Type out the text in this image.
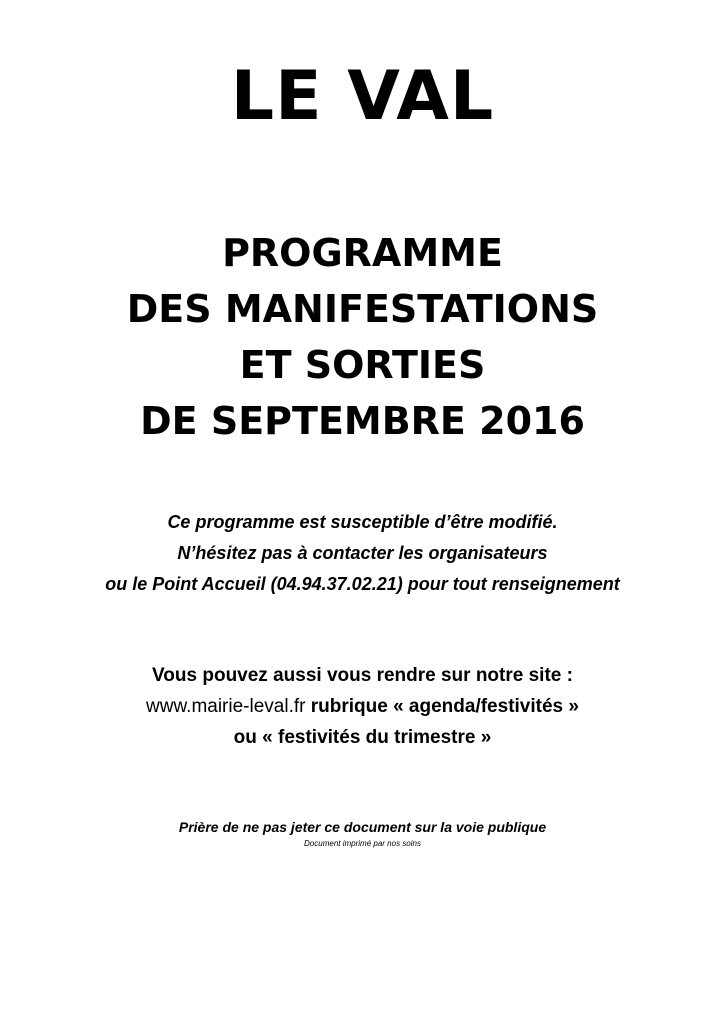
LE VAL
PROGRAMME
DES MANIFESTATIONS
ET SORTIES
DE SEPTEMBRE 2016
Ce programme est susceptible d’être modifié.
N’hésitez pas à contacter les organisateurs
ou le Point Accueil (04.94.37.02.21) pour tout renseignement
Vous pouvez aussi vous rendre sur notre site :
www.mairie-leval.fr rubrique « agenda/festivités »
ou « festivités du trimestre »
Prière de ne pas jeter ce document sur la voie publique
Document imprimé par nos soins
